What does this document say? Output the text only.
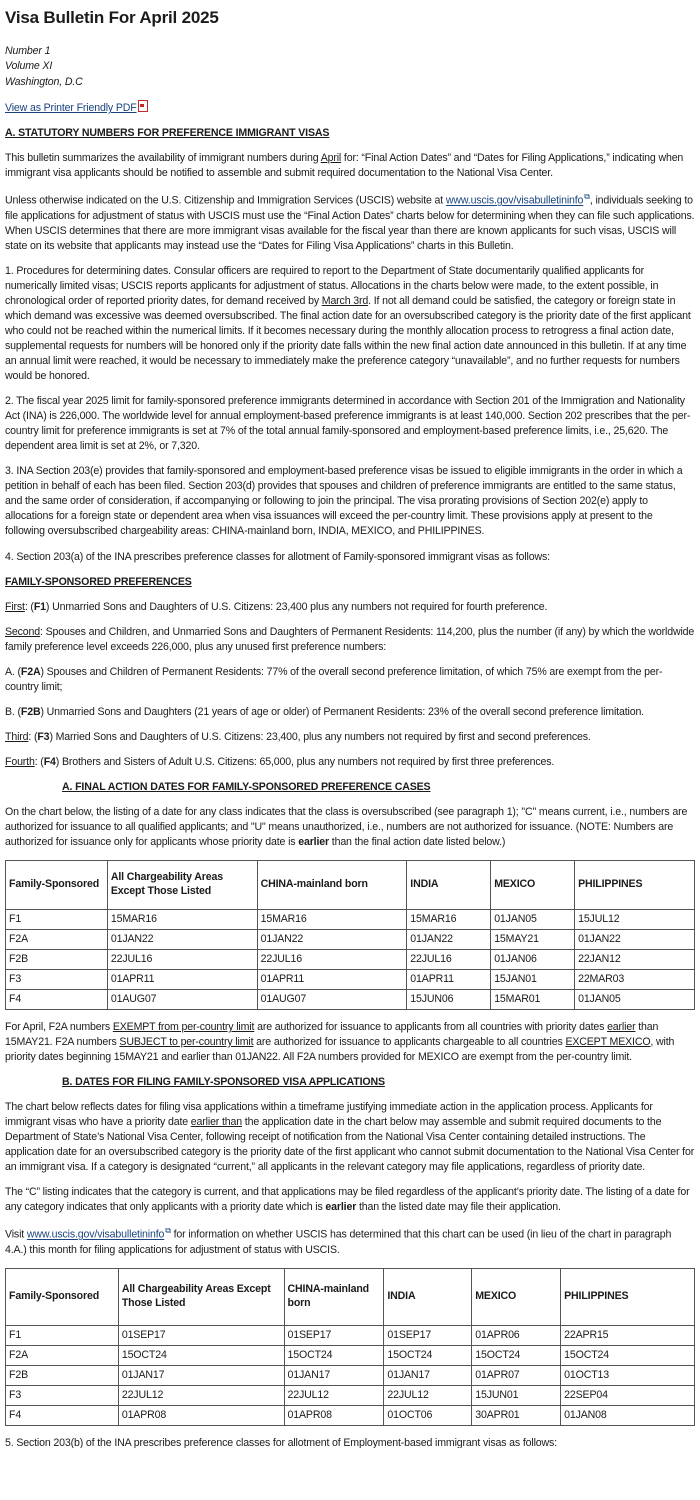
Visa Bulletin For April 2025
Number 1
Volume XI
Washington, D.C

View as Printer Friendly PDF

A. STATUTORY NUMBERS FOR PREFERENCE IMMIGRANT VISAS

This bulletin summarizes the availability of immigrant numbers during April for: “Final Action Dates” and “Dates for Filing Applications,” indicating when immigrant visa applicants should be notified to assemble and submit required documentation to the National Visa Center.

Unless otherwise indicated on the U.S. Citizenship and Immigration Services (USCIS) website at www.uscis.gov/visabulletininfo⧉, individuals seeking to file applications for adjustment of status with USCIS must use the “Final Action Dates” charts below for determining when they can file such applications. When USCIS determines that there are more immigrant visas available for the fiscal year than there are known applicants for such visas, USCIS will state on its website that applicants may instead use the “Dates for Filing Visa Applications” charts in this Bulletin.

1. Procedures for determining dates. Consular officers are required to report to the Department of State documentarily qualified applicants for numerically limited visas; USCIS reports applicants for adjustment of status. Allocations in the charts below were made, to the extent possible, in chronological order of reported priority dates, for demand received by March 3rd. If not all demand could be satisfied, the category or foreign state in which demand was excessive was deemed oversubscribed. The final action date for an oversubscribed category is the priority date of the first applicant who could not be reached within the numerical limits. If it becomes necessary during the monthly allocation process to retrogress a final action date, supplemental requests for numbers will be honored only if the priority date falls within the new final action date announced in this bulletin. If at any time an annual limit were reached, it would be necessary to immediately make the preference category “unavailable”, and no further requests for numbers would be honored.

2. The fiscal year 2025 limit for family-sponsored preference immigrants determined in accordance with Section 201 of the Immigration and Nationality Act (INA) is 226,000. The worldwide level for annual employment-based preference immigrants is at least 140,000. Section 202 prescribes that the per-country limit for preference immigrants is set at 7% of the total annual family-sponsored and employment-based preference limits, i.e., 25,620. The dependent area limit is set at 2%, or 7,320.

3. INA Section 203(e) provides that family-sponsored and employment-based preference visas be issued to eligible immigrants in the order in which a petition in behalf of each has been filed. Section 203(d) provides that spouses and children of preference immigrants are entitled to the same status, and the same order of consideration, if accompanying or following to join the principal. The visa prorating provisions of Section 202(e) apply to allocations for a foreign state or dependent area when visa issuances will exceed the per-country limit. These provisions apply at present to the following oversubscribed chargeability areas: CHINA-mainland born, INDIA, MEXICO, and PHILIPPINES.

4. Section 203(a) of the INA prescribes preference classes for allotment of Family-sponsored immigrant visas as follows:

FAMILY-SPONSORED PREFERENCES

First: (F1) Unmarried Sons and Daughters of U.S. Citizens: 23,400 plus any numbers not required for fourth preference.

Second: Spouses and Children, and Unmarried Sons and Daughters of Permanent Residents: 114,200, plus the number (if any) by which the worldwide family preference level exceeds 226,000, plus any unused first preference numbers:

A. (F2A) Spouses and Children of Permanent Residents: 77% of the overall second preference limitation, of which 75% are exempt from the per-country limit;

B. (F2B) Unmarried Sons and Daughters (21 years of age or older) of Permanent Residents: 23% of the overall second preference limitation.

Third: (F3) Married Sons and Daughters of U.S. Citizens: 23,400, plus any numbers not required by first and second preferences.

Fourth: (F4) Brothers and Sisters of Adult U.S. Citizens: 65,000, plus any numbers not required by first three preferences.

A. FINAL ACTION DATES FOR FAMILY-SPONSORED PREFERENCE CASES

On the chart below, the listing of a date for any class indicates that the class is oversubscribed (see paragraph 1); "C" means current, i.e., numbers are authorized for issuance to all qualified applicants; and "U" means unauthorized, i.e., numbers are not authorized for issuance. (NOTE: Numbers are authorized for issuance only for applicants whose priority date is earlier than the final action date listed below.)

Family-Sponsored	All Chargeability Areas Except Those Listed	CHINA-mainland born	INDIA	MEXICO	PHILIPPINES
F1	15MAR16	15MAR16	15MAR16	01JAN05	15JUL12
F2A	01JAN22	01JAN22	01JAN22	15MAY21	01JAN22
F2B	22JUL16	22JUL16	22JUL16	01JAN06	22JAN12
F3	01APR11	01APR11	01APR11	15JAN01	22MAR03
F4	01AUG07	01AUG07	15JUN06	15MAR01	01JAN05

For April, F2A numbers EXEMPT from per-country limit are authorized for issuance to applicants from all countries with priority dates earlier than 15MAY21. F2A numbers SUBJECT to per-country limit are authorized for issuance to applicants chargeable to all countries EXCEPT MEXICO, with priority dates beginning 15MAY21 and earlier than 01JAN22. All F2A numbers provided for MEXICO are exempt from the per-country limit.

B. DATES FOR FILING FAMILY-SPONSORED VISA APPLICATIONS

The chart below reflects dates for filing visa applications within a timeframe justifying immediate action in the application process. Applicants for immigrant visas who have a priority date earlier than the application date in the chart below may assemble and submit required documents to the Department of State’s National Visa Center, following receipt of notification from the National Visa Center containing detailed instructions. The application date for an oversubscribed category is the priority date of the first applicant who cannot submit documentation to the National Visa Center for an immigrant visa. If a category is designated “current,” all applicants in the relevant category may file applications, regardless of priority date.

The “C” listing indicates that the category is current, and that applications may be filed regardless of the applicant’s priority date. The listing of a date for any category indicates that only applicants with a priority date which is earlier than the listed date may file their application.

Visit www.uscis.gov/visabulletininfo⧉ for information on whether USCIS has determined that this chart can be used (in lieu of the chart in paragraph 4.A.) this month for filing applications for adjustment of status with USCIS.

Family-Sponsored	All Chargeability Areas Except Those Listed	CHINA-mainland born	INDIA	MEXICO	PHILIPPINES
F1	01SEP17	01SEP17	01SEP17	01APR06	22APR15
F2A	15OCT24	15OCT24	15OCT24	15OCT24	15OCT24
F2B	01JAN17	01JAN17	01JAN17	01APR07	01OCT13
F3	22JUL12	22JUL12	22JUL12	15JUN01	22SEP04
F4	01APR08	01APR08	01OCT06	30APR01	01JAN08

5. Section 203(b) of the INA prescribes preference classes for allotment of Employment-based immigrant visas as follows:
